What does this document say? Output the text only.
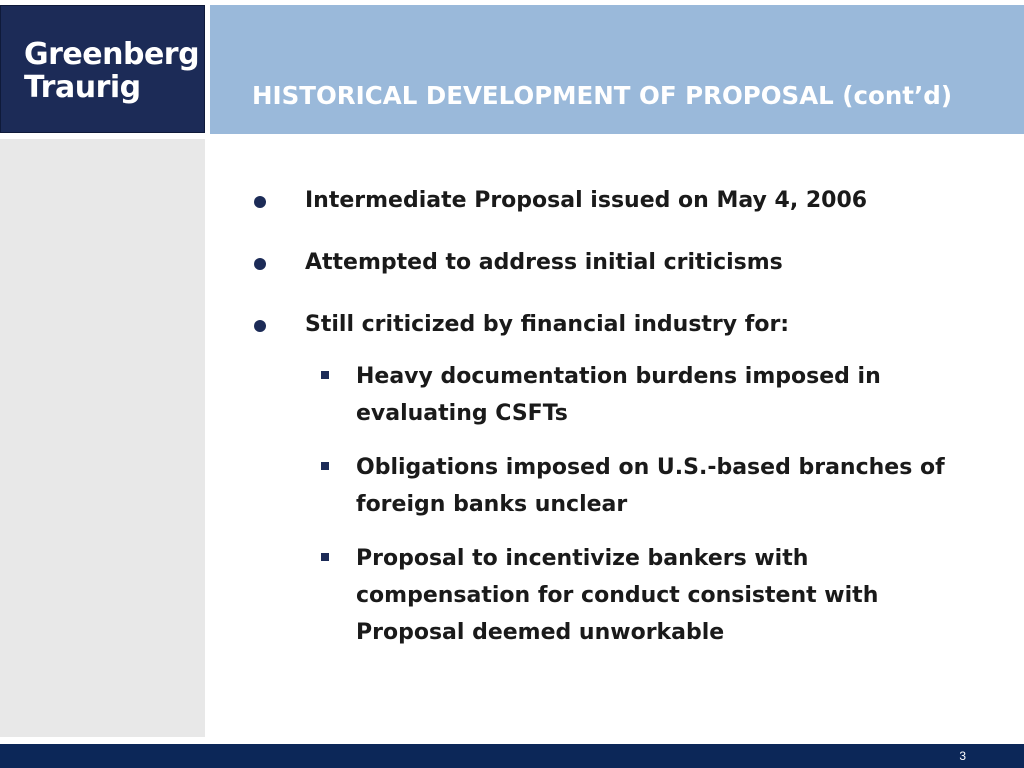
Greenberg
Traurig	HISTORICAL DEVELOPMENT OF PROPOSAL (cont’d)
Intermediate Proposal issued on May 4, 2006
Attempted to address initial criticisms
Still criticized by financial industry for:
Heavy documentation burdens imposed in evaluating CSFTs
Obligations imposed on U.S.-based branches of foreign banks unclear
Proposal to incentivize bankers with compensation for conduct consistent with Proposal deemed unworkable
3
